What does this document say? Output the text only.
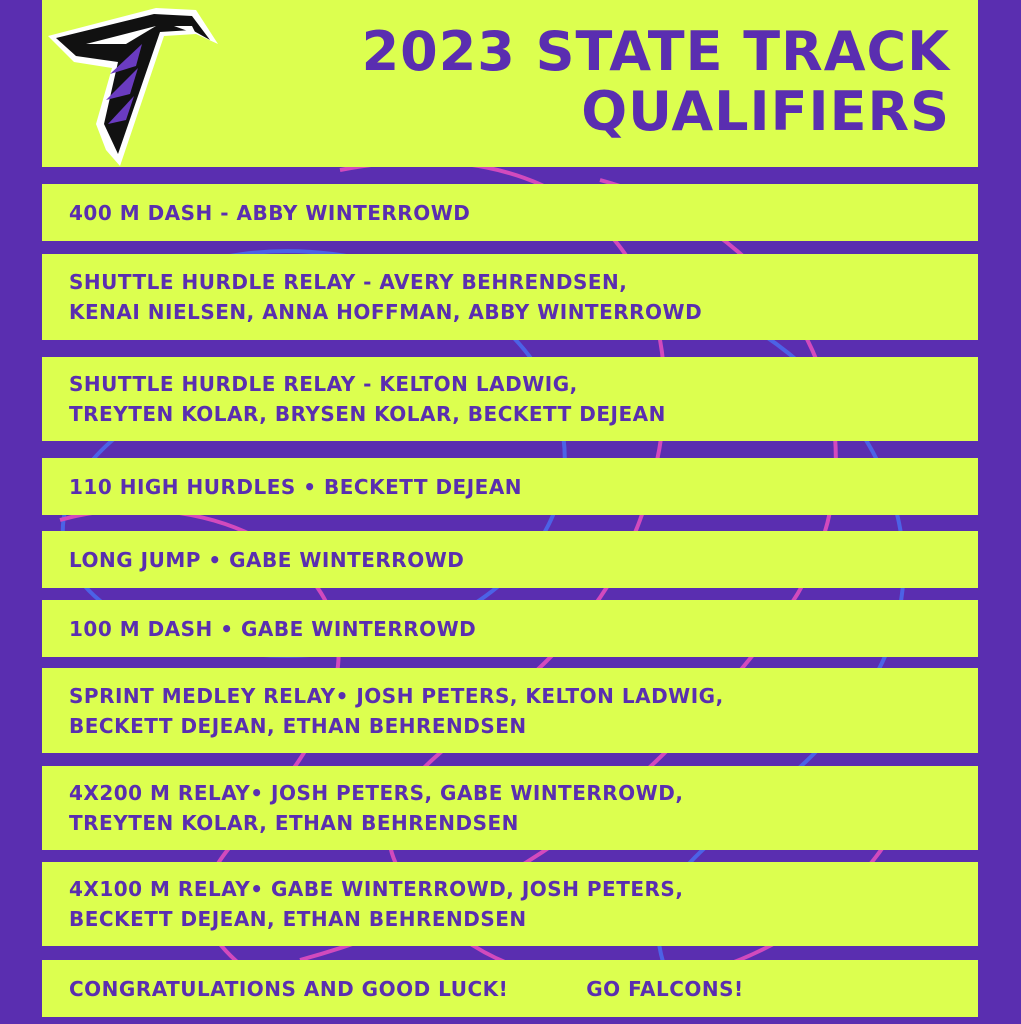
2023 STATE TRACK
QUALIFIERS
400 M DASH - ABBY WINTERROWD
SHUTTLE HURDLE RELAY - AVERY BEHRENDSEN,
KENAI NIELSEN, ANNA HOFFMAN, ABBY WINTERROWD
SHUTTLE HURDLE RELAY - KELTON LADWIG,
TREYTEN KOLAR, BRYSEN KOLAR, BECKETT DEJEAN
110 HIGH HURDLES • BECKETT DEJEAN
LONG JUMP • GABE WINTERROWD
100 M DASH • GABE WINTERROWD
SPRINT MEDLEY RELAY• JOSH PETERS, KELTON LADWIG,
BECKETT DEJEAN, ETHAN BEHRENDSEN
4X200 M RELAY• JOSH PETERS, GABE WINTERROWD,
TREYTEN KOLAR, ETHAN BEHRENDSEN
4X100 M RELAY• GABE WINTERROWD, JOSH PETERS,
BECKETT DEJEAN, ETHAN BEHRENDSEN
CONGRATULATIONS AND GOOD LUCK!	GO FALCONS!
